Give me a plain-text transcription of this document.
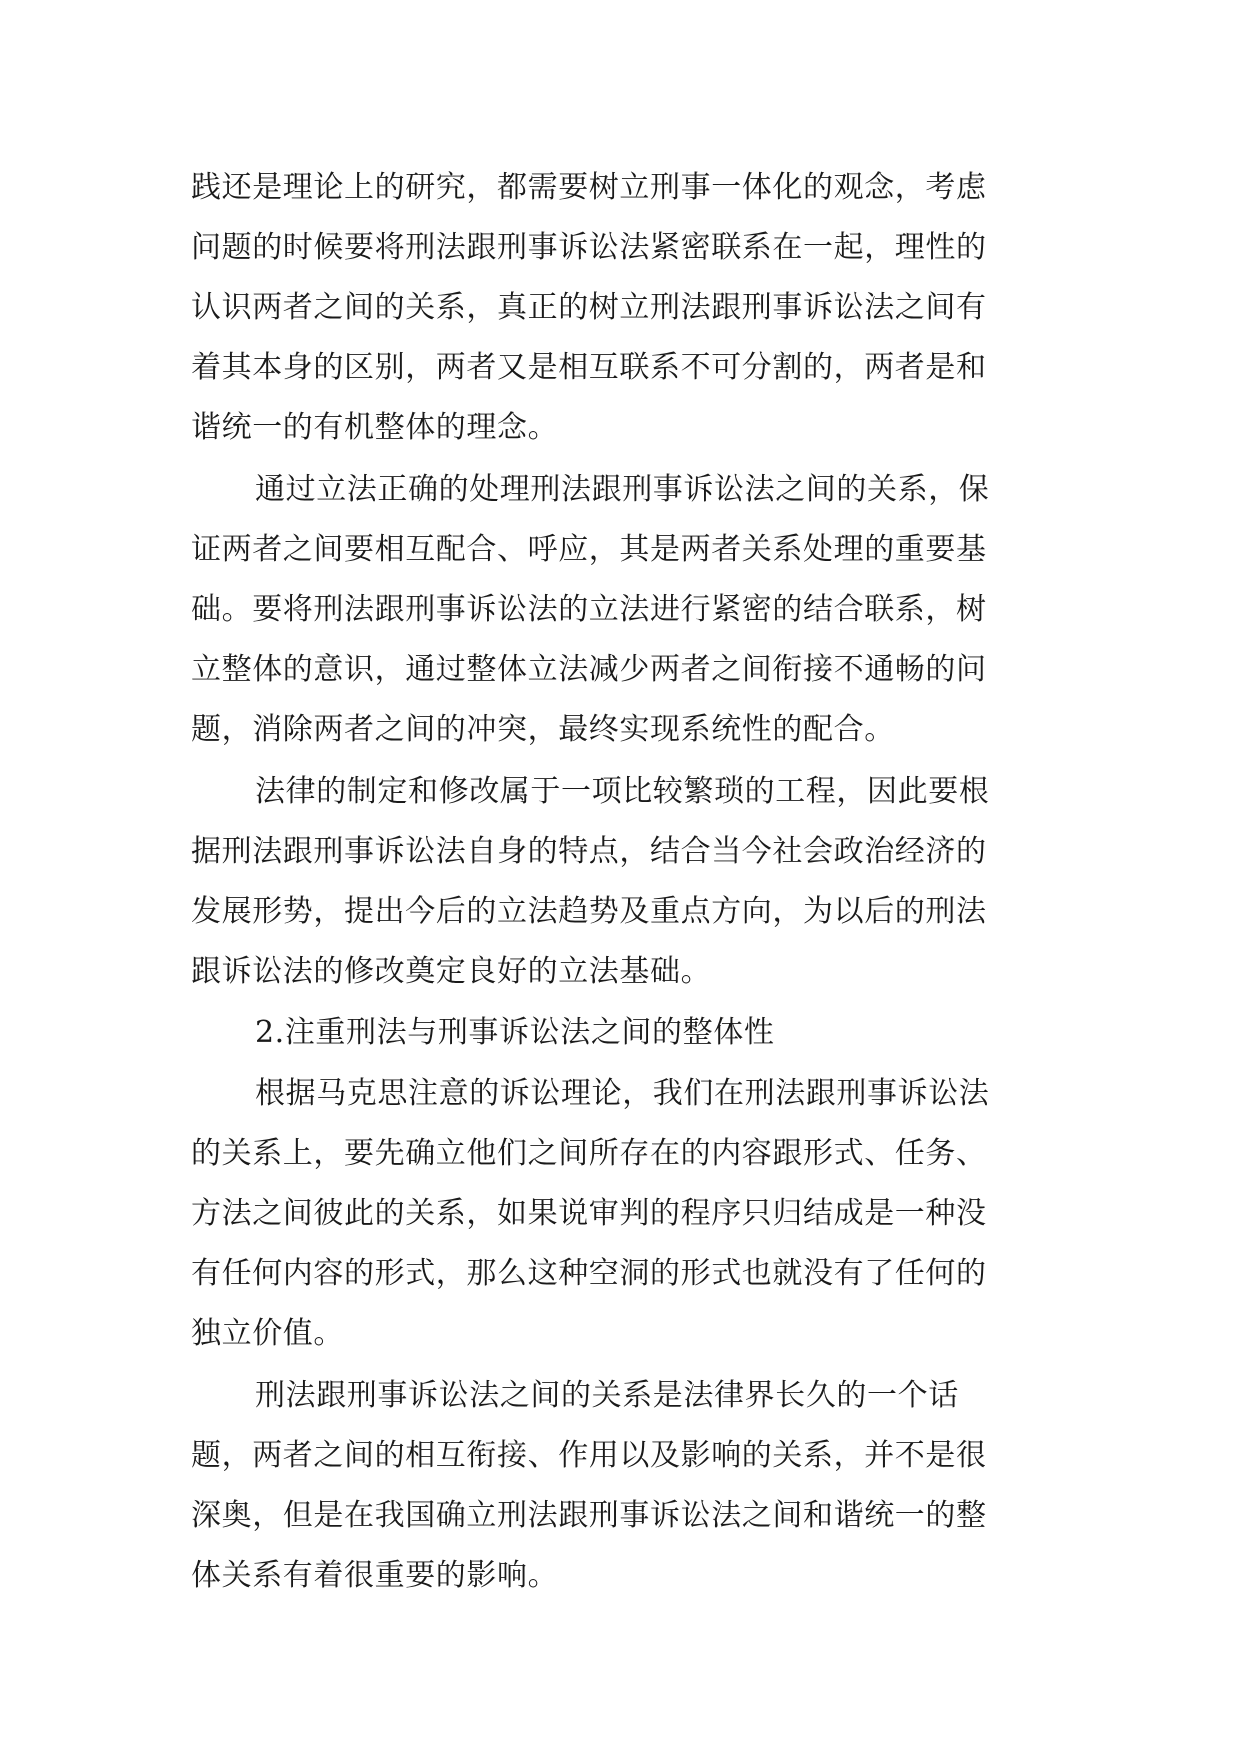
践还是理论上的研究，都需要树立刑事一体化的观念，考虑
问题的时候要将刑法跟刑事诉讼法紧密联系在一起，理性的
认识两者之间的关系，真正的树立刑法跟刑事诉讼法之间有
着其本身的区别，两者又是相互联系不可分割的，两者是和
谐统一的有机整体的理念。
通过立法正确的处理刑法跟刑事诉讼法之间的关系，保
证两者之间要相互配合、呼应，其是两者关系处理的重要基
础。要将刑法跟刑事诉讼法的立法进行紧密的结合联系，树
立整体的意识，通过整体立法减少两者之间衔接不通畅的问
题，消除两者之间的冲突，最终实现系统性的配合。
法律的制定和修改属于一项比较繁琐的工程，因此要根
据刑法跟刑事诉讼法自身的特点，结合当今社会政治经济的
发展形势，提出今后的立法趋势及重点方向，为以后的刑法
跟诉讼法的修改奠定良好的立法基础。
2.注重刑法与刑事诉讼法之间的整体性
根据马克思注意的诉讼理论，我们在刑法跟刑事诉讼法
的关系上，要先确立他们之间所存在的内容跟形式、任务、
方法之间彼此的关系，如果说审判的程序只归结成是一种没
有任何内容的形式，那么这种空洞的形式也就没有了任何的
独立价值。
刑法跟刑事诉讼法之间的关系是法律界长久的一个话
题，两者之间的相互衔接、作用以及影响的关系，并不是很
深奥，但是在我国确立刑法跟刑事诉讼法之间和谐统一的整
体关系有着很重要的影响。
